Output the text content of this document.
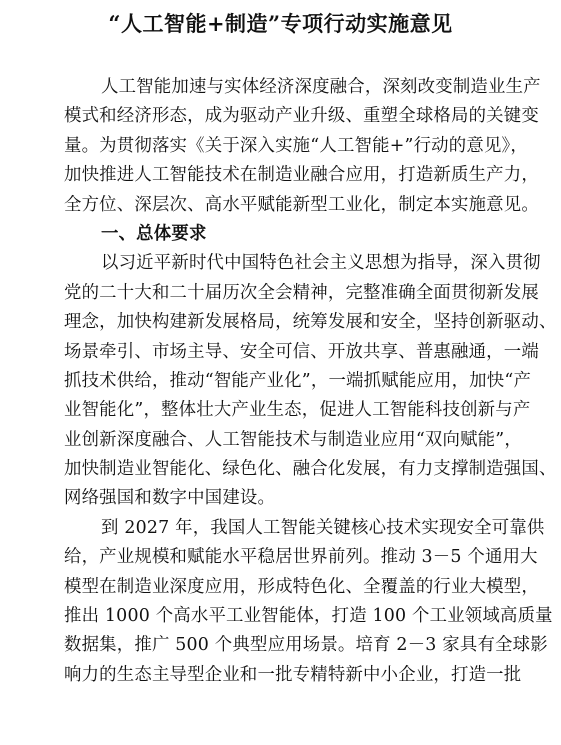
“人工智能+制造”专项行动实施意见
人工智能加速与实体经济深度融合，深刻改变制造业生产
模式和经济形态，成为驱动产业升级、重塑全球格局的关键变
量。为贯彻落实《关于深入实施“人工智能+”行动的意见》，
加快推进人工智能技术在制造业融合应用，打造新质生产力，
全方位、深层次、高水平赋能新型工业化，制定本实施意见。
一、总体要求
以习近平新时代中国特色社会主义思想为指导，深入贯彻
党的二十大和二十届历次全会精神，完整准确全面贯彻新发展
理念，加快构建新发展格局，统筹发展和安全，坚持创新驱动、
场景牵引、市场主导、安全可信、开放共享、普惠融通，一端
抓技术供给，推动“智能产业化”，一端抓赋能应用，加快“产
业智能化”，整体壮大产业生态，促进人工智能科技创新与产
业创新深度融合、人工智能技术与制造业应用“双向赋能”，
加快制造业智能化、绿色化、融合化发展，有力支撑制造强国、
网络强国和数字中国建设。
到 2027 年，我国人工智能关键核心技术实现安全可靠供
给，产业规模和赋能水平稳居世界前列。推动 3－5 个通用大
模型在制造业深度应用，形成特色化、全覆盖的行业大模型，
推出 1000 个高水平工业智能体，打造 100 个工业领域高质量
数据集，推广 500 个典型应用场景。培育 2－3 家具有全球影
响力的生态主导型企业和一批专精特新中小企业，打造一批
